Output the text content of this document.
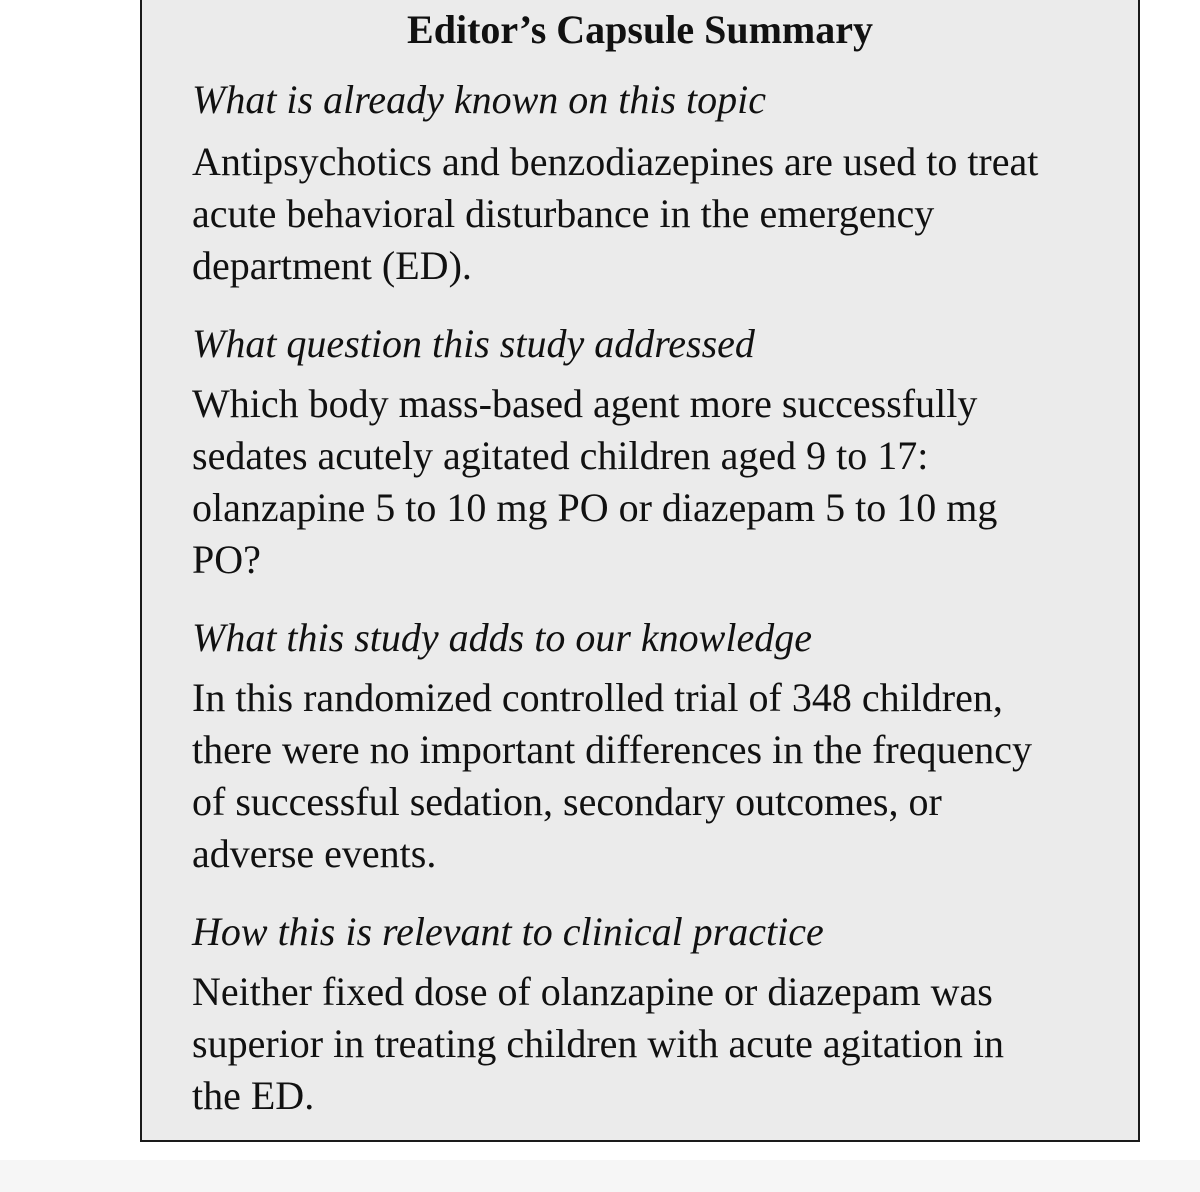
Editor’s Capsule Summary

What is already known on this topic

Antipsychotics and benzodiazepines are used to treat
acute behavioral disturbance in the emergency
department (ED).

What question this study addressed

Which body mass-based agent more successfully
sedates acutely agitated children aged 9 to 17:
olanzapine 5 to 10 mg PO or diazepam 5 to 10 mg
PO?

What this study adds to our knowledge

In this randomized controlled trial of 348 children,
there were no important differences in the frequency
of successful sedation, secondary outcomes, or
adverse events.

How this is relevant to clinical practice

Neither fixed dose of olanzapine or diazepam was
superior in treating children with acute agitation in
the ED.
